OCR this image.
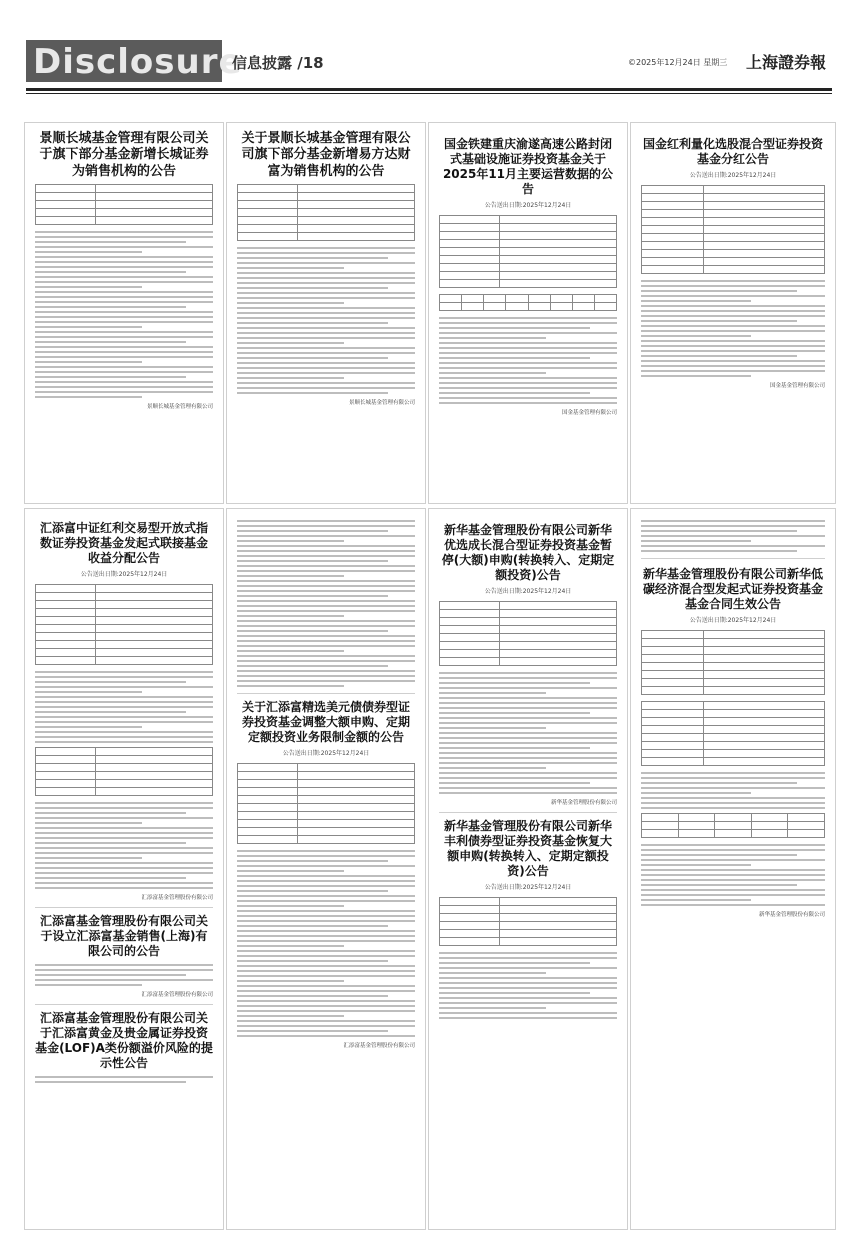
Disclosure
信息披露 /18	©2025年12月24日 星期三 上海證券報
景顺长城基金管理有限公司关于旗下部分基金新增长城证券为销售机构的公告

景顺长城基金管理有限公司
关于景顺长城基金管理有限公司旗下部分基金新增易方达财富为销售机构的公告

景顺长城基金管理有限公司
国金铁建重庆渝遂高速公路封闭式基础设施证券投资基金关于2025年11月主要运营数据的公告
公告送出日期:2025年12月24日

国金基金管理有限公司
国金红利量化选股混合型证券投资基金分红公告
公告送出日期:2025年12月24日

国金基金管理有限公司
汇添富中证红利交易型开放式指数证券投资基金发起式联接基金收益分配公告
公告送出日期:2025年12月24日

汇添富基金管理股份有限公司
汇添富基金管理股份有限公司关于设立汇添富基金销售(上海)有限公司的公告
汇添富基金管理股份有限公司
汇添富基金管理股份有限公司关于汇添富黄金及贵金属证券投资基金(LOF)A类份额溢价风险的提示性公告
关于汇添富精选美元债债券型证券投资基金调整大额申购、定期定额投资业务限制金额的公告
公告送出日期:2025年12月24日

汇添富基金管理股份有限公司
新华基金管理股份有限公司新华优选成长混合型证券投资基金暂停(大额)申购(转换转入、定期定额投资)公告
公告送出日期:2025年12月24日

新华基金管理股份有限公司
新华基金管理股份有限公司新华丰利债券型证券投资基金恢复大额申购(转换转入、定期定额投资)公告
公告送出日期:2025年12月24日

新华基金管理股份有限公司新华低碳经济混合型发起式证券投资基金基金合同生效公告
公告送出日期:2025年12月24日

新华基金管理股份有限公司
